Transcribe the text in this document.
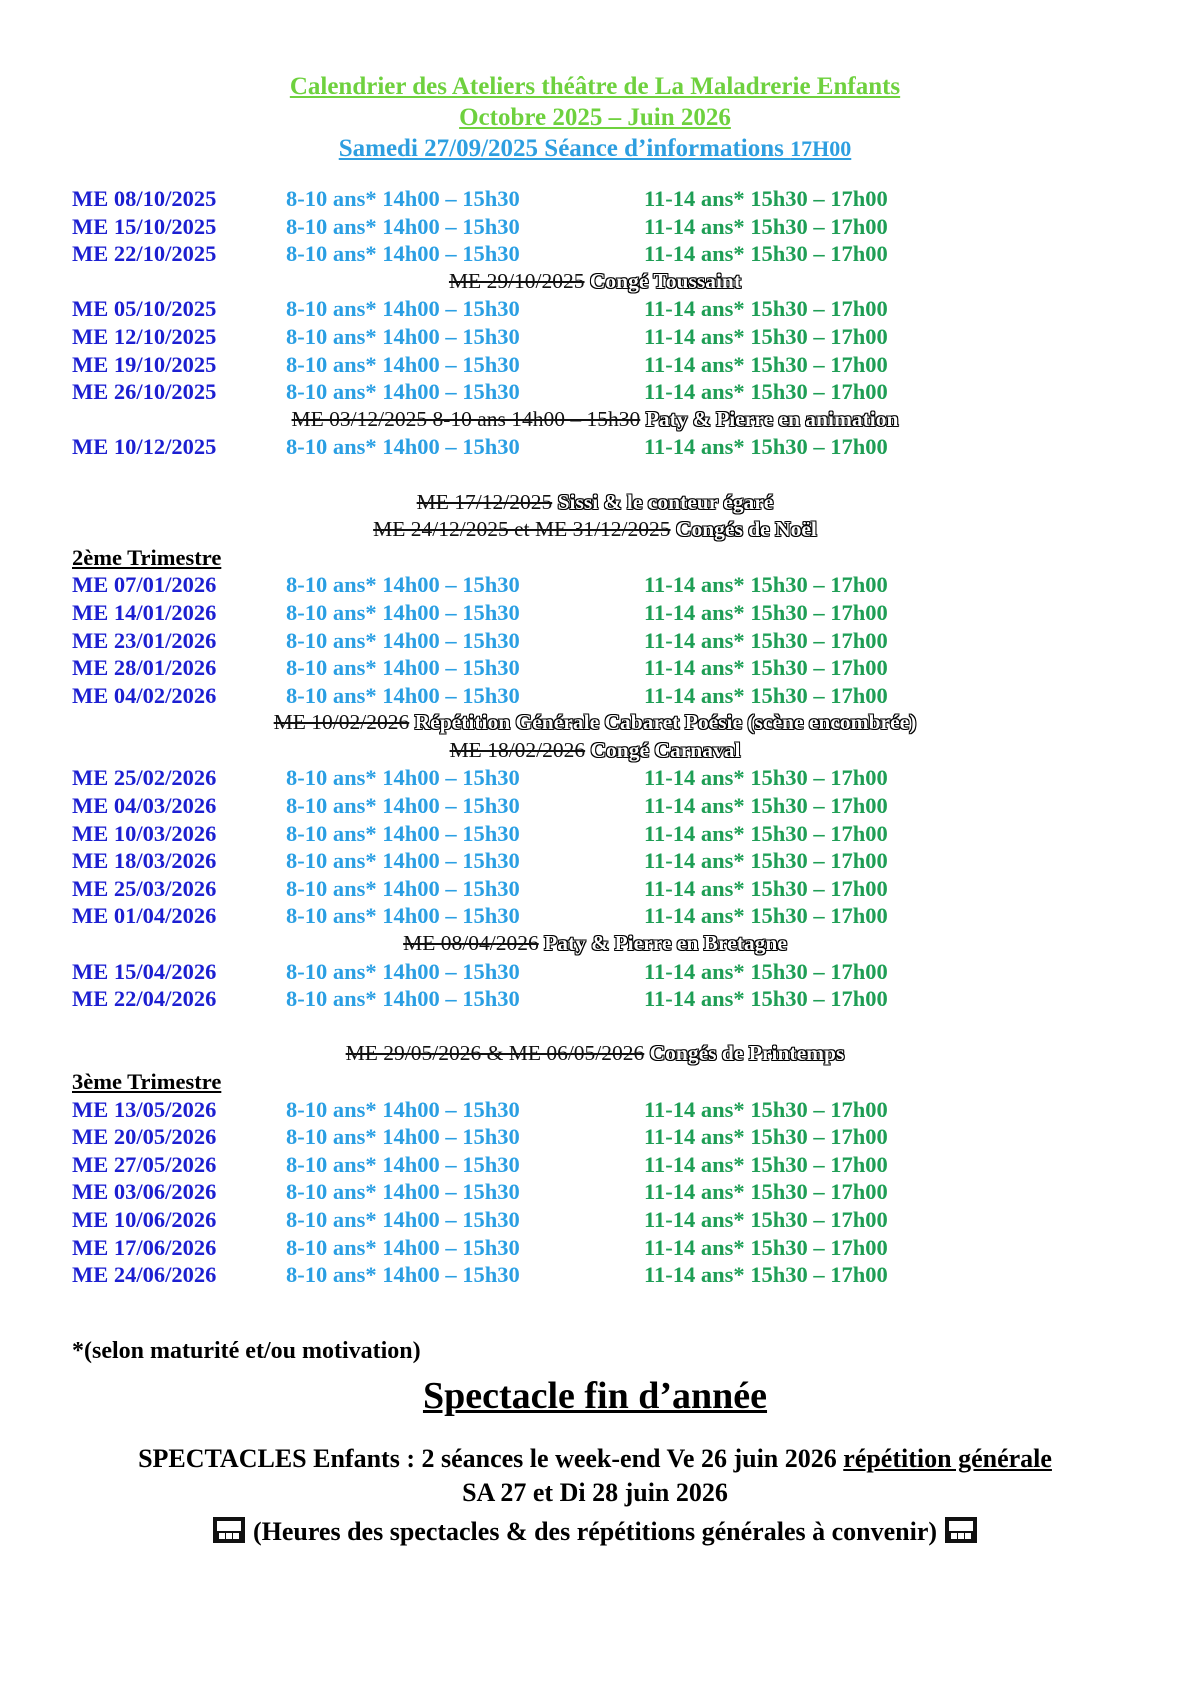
Calendrier des Ateliers théâtre de La Maladrerie Enfants
Octobre 2025 – Juin 2026
Samedi 27/09/2025 Séance d’informations 17H00
ME 08/10/2025	8-10 ans* 14h00 – 15h30	11-14 ans* 15h30 – 17h00
ME 15/10/2025	8-10 ans* 14h00 – 15h30	11-14 ans* 15h30 – 17h00
ME 22/10/2025	8-10 ans* 14h00 – 15h30	11-14 ans* 15h30 – 17h00
ME 29/10/2025 Congé Toussaint
ME 05/10/2025	8-10 ans* 14h00 – 15h30	11-14 ans* 15h30 – 17h00
ME 12/10/2025	8-10 ans* 14h00 – 15h30	11-14 ans* 15h30 – 17h00
ME 19/10/2025	8-10 ans* 14h00 – 15h30	11-14 ans* 15h30 – 17h00
ME 26/10/2025	8-10 ans* 14h00 – 15h30	11-14 ans* 15h30 – 17h00
ME 03/12/2025 8-10 ans 14h00 – 15h30 Paty & Pierre en animation
ME 10/12/2025	8-10 ans* 14h00 – 15h30	11-14 ans* 15h30 – 17h00
ME 17/12/2025 Sissi & le conteur égaré
ME 24/12/2025 et ME 31/12/2025 Congés de Noël
2ème Trimestre
ME 07/01/2026	8-10 ans* 14h00 – 15h30	11-14 ans* 15h30 – 17h00
ME 14/01/2026	8-10 ans* 14h00 – 15h30	11-14 ans* 15h30 – 17h00
ME 23/01/2026	8-10 ans* 14h00 – 15h30	11-14 ans* 15h30 – 17h00
ME 28/01/2026	8-10 ans* 14h00 – 15h30	11-14 ans* 15h30 – 17h00
ME 04/02/2026	8-10 ans* 14h00 – 15h30	11-14 ans* 15h30 – 17h00
ME 10/02/2026 Répétition Générale Cabaret Poésie (scène encombrée)
ME 18/02/2026 Congé Carnaval
ME 25/02/2026	8-10 ans* 14h00 – 15h30	11-14 ans* 15h30 – 17h00
ME 04/03/2026	8-10 ans* 14h00 – 15h30	11-14 ans* 15h30 – 17h00
ME 10/03/2026	8-10 ans* 14h00 – 15h30	11-14 ans* 15h30 – 17h00
ME 18/03/2026	8-10 ans* 14h00 – 15h30	11-14 ans* 15h30 – 17h00
ME 25/03/2026	8-10 ans* 14h00 – 15h30	11-14 ans* 15h30 – 17h00
ME 01/04/2026	8-10 ans* 14h00 – 15h30	11-14 ans* 15h30 – 17h00
ME 08/04/2026 Paty & Pierre en Bretagne
ME 15/04/2026	8-10 ans* 14h00 – 15h30	11-14 ans* 15h30 – 17h00
ME 22/04/2026	8-10 ans* 14h00 – 15h30	11-14 ans* 15h30 – 17h00
ME 29/05/2026 & ME 06/05/2026 Congés de Printemps
3ème Trimestre
ME 13/05/2026	8-10 ans* 14h00 – 15h30	11-14 ans* 15h30 – 17h00
ME 20/05/2026	8-10 ans* 14h00 – 15h30	11-14 ans* 15h30 – 17h00
ME 27/05/2026	8-10 ans* 14h00 – 15h30	11-14 ans* 15h30 – 17h00
ME 03/06/2026	8-10 ans* 14h00 – 15h30	11-14 ans* 15h30 – 17h00
ME 10/06/2026	8-10 ans* 14h00 – 15h30	11-14 ans* 15h30 – 17h00
ME 17/06/2026	8-10 ans* 14h00 – 15h30	11-14 ans* 15h30 – 17h00
ME 24/06/2026	8-10 ans* 14h00 – 15h30	11-14 ans* 15h30 – 17h00
*(selon maturité et/ou motivation)
Spectacle fin d’année
SPECTACLES Enfants : 2 séances le week-end Ve 26 juin 2026 répétition générale
SA 27 et Di 28 juin 2026
(Heures des spectacles & des répétitions générales à convenir)
